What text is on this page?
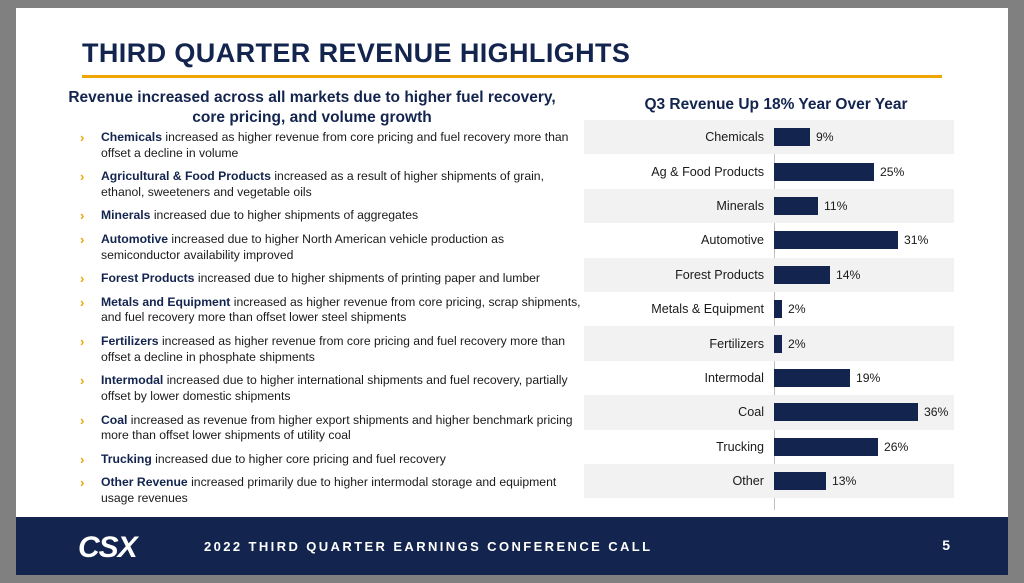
THIRD QUARTER REVENUE HIGHLIGHTS
Revenue increased across all markets due to higher fuel recovery, core pricing, and volume growth
› Chemicals increased as higher revenue from core pricing and fuel recovery more than offset a decline in volume
› Agricultural & Food Products increased as a result of higher shipments of grain, ethanol, sweeteners and vegetable oils
› Minerals increased due to higher shipments of aggregates
› Automotive increased due to higher North American vehicle production as semiconductor availability improved
› Forest Products increased due to higher shipments of printing paper and lumber
› Metals and Equipment increased as higher revenue from core pricing, scrap shipments, and fuel recovery more than offset lower steel shipments
› Fertilizers increased as higher revenue from core pricing and fuel recovery more than offset a decline in phosphate shipments
› Intermodal increased due to higher international shipments and fuel recovery, partially offset by lower domestic shipments
› Coal increased as revenue from higher export shipments and higher benchmark pricing more than offset lower shipments of utility coal
› Trucking increased due to higher core pricing and fuel recovery
› Other Revenue increased primarily due to higher intermodal storage and equipment usage revenues
Q3 Revenue Up 18% Year Over Year
Chemicals	9%
Ag & Food Products	25%
Minerals	11%
Automotive	31%
Forest Products	14%
Metals & Equipment	2%
Fertilizers	2%
Intermodal	19%
Coal	36%
Trucking	26%
Other	13%
CSX	2022 THIRD QUARTER EARNINGS CONFERENCE CALL	5
